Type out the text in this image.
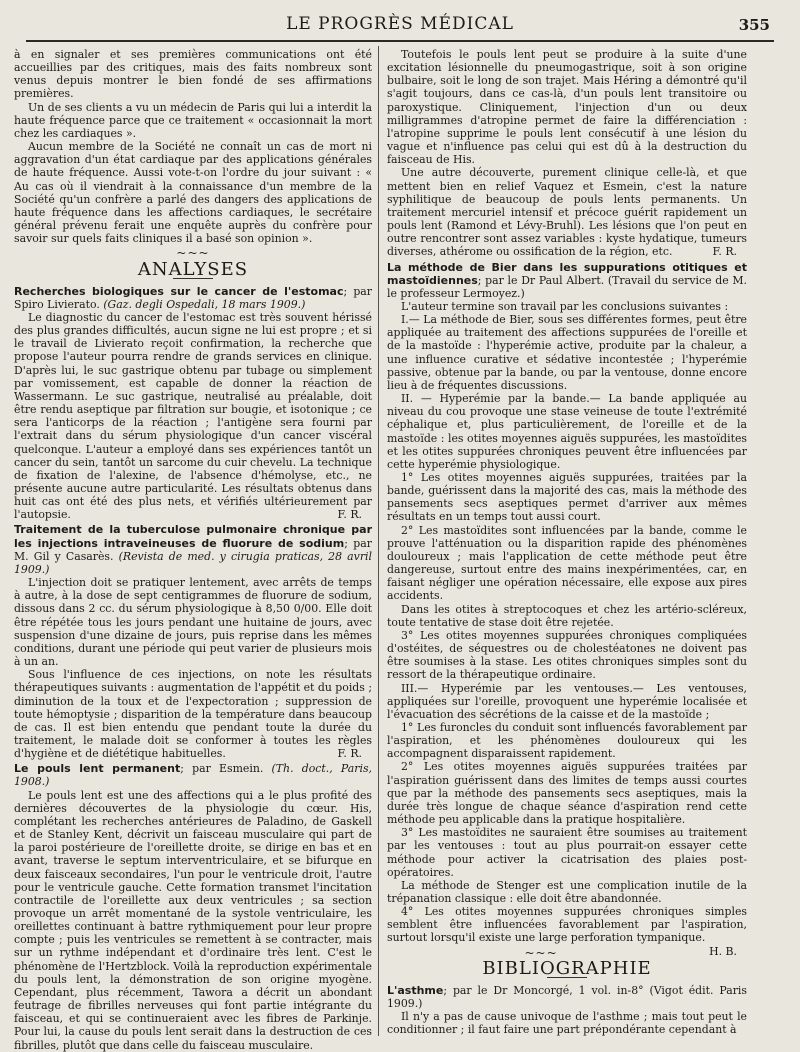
LE PROGRÈS MÉDICAL	355

à en signaler et ses premières communications ont été accueillies par des critiques, mais des faits nombreux sont venus depuis montrer le bien fondé de ses affirmations premières.

Un de ses clients a vu un médecin de Paris qui lui a interdit la haute fréquence parce que ce traitement « occasionnait la mort chez les cardiaques ».

Aucun membre de la Société ne connaît un cas de mort ni aggravation d'un état cardiaque par des applications générales de haute fréquence. Aussi vote-t-on l'ordre du jour suivant : « Au cas où il viendrait à la connaissance d'un membre de la Société qu'un confrère a parlé des dangers des applications de haute fréquence dans les affections cardiaques, le secrétaire général prévenu ferait une enquête auprès du confrère pour savoir sur quels faits cliniques il a basé son opinion ».

~~~
ANALYSES

Recherches biologiques sur le cancer de l'estomac; par Spiro Livierato. (Gaz. degli Ospedali, 18 mars 1909.)

Le diagnostic du cancer de l'estomac est très souvent hérissé des plus grandes difficultés, aucun signe ne lui est propre ; et si le travail de Livierato reçoit confirmation, la recherche que propose l'auteur pourra rendre de grands services en clinique. D'après lui, le suc gastrique obtenu par tubage ou simplement par vomissement, est capable de donner la réaction de Wassermann. Le suc gastrique, neutralisé au préalable, doit être rendu aseptique par filtration sur bougie, et isotonique ; ce sera l'anticorps de la réaction ; l'antigène sera fourni par l'extrait dans du sérum physiologique d'un cancer viscéral quelconque. L'auteur a employé dans ses expériences tantôt un cancer du sein, tantôt un sarcome du cuir chevelu. La technique de fixation de l'alexine, de l'absence d'hémolyse, etc., ne présente aucune autre particularité. Les résultats obtenus dans huit cas ont été des plus nets, et vérifiés ultérieurement par l'autopsie.	F. R.

Traitement de la tuberculose pulmonaire chronique par les injections intraveineuses de fluorure de sodium; par M. Gil y Casarès. (Revista de med. y cirugia praticas, 28 avril 1909.)

L'injection doit se pratiquer lentement, avec arrêts de temps à autre, à la dose de sept centigrammes de fluorure de sodium, dissous dans 2 cc. du sérum physiologique à 8,50 0/00. Elle doit être répétée tous les jours pendant une huitaine de jours, avec suspension d'une dizaine de jours, puis reprise dans les mêmes conditions, durant une période qui peut varier de plusieurs mois à un an.

Sous l'influence de ces injections, on note les résultats thérapeutiques suivants : augmentation de l'appétit et du poids ; diminution de la toux et de l'expectoration ; suppression de toute hémoptysie ; disparition de la température dans beaucoup de cas. Il est bien entendu que pendant toute la durée du traitement, le malade doit se conformer à toutes les règles d'hygiène et de diététique habituelles.	F. R.

Le pouls lent permanent; par Esmein. (Th. doct., Paris, 1908.)

Le pouls lent est une des affections qui a le plus profité des dernières découvertes de la physiologie du cœur. His, complétant les recherches antérieures de Paladino, de Gaskell et de Stanley Kent, décrivit un faisceau musculaire qui part de la paroi postérieure de l'oreillette droite, se dirige en bas et en avant, traverse le septum interventriculaire, et se bifurque en deux faisceaux secondaires, l'un pour le ventricule droit, l'autre pour le ventricule gauche. Cette formation transmet l'incitation contractile de l'oreillette aux deux ventricules ; sa section provoque un arrêt momentané de la systole ventriculaire, les oreillettes continuant à battre rythmiquement pour leur propre compte ; puis les ventricules se remettent à se contracter, mais sur un rythme indépendant et d'ordinaire très lent. C'est le phénomène de l'Hertzblock. Voilà la reproduction expérimentale du pouls lent, la démonstration de son origine myogène. Cependant, plus récemment, Tawora a décrit un abondant feutrage de fibrilles nerveuses qui font partie intégrante du faisceau, et qui se continueraient avec les fibres de Parkinje. Pour lui, la cause du pouls lent serait dans la destruction de ces fibrilles, plutôt que dans celle du faisceau musculaire.

Toutefois le pouls lent peut se produire à la suite d'une excitation lésionnelle du pneumogastrique, soit à son origine bulbaire, soit le long de son trajet. Mais Héring a démontré qu'il s'agit toujours, dans ce cas-là, d'un pouls lent transitoire ou paroxystique. Cliniquement, l'injection d'un ou deux milligrammes d'atropine permet de faire la différenciation : l'atropine supprime le pouls lent consécutif à une lésion du vague et n'influence pas celui qui est dû à la destruction du faisceau de His.

Une autre découverte, purement clinique celle-là, et que mettent bien en relief Vaquez et Esmein, c'est la nature syphilitique de beaucoup de pouls lents permanents. Un traitement mercuriel intensif et précoce guérit rapidement un pouls lent (Ramond et Lévy-Bruhl). Les lésions que l'on peut en outre rencontrer sont assez variables : kyste hydatique, tumeurs diverses, athérome ou ossification de la région, etc.	F. R.

La méthode de Bier dans les suppurations otitiques et mastoïdiennes; par le Dr Paul Albert. (Travail du service de M. le professeur Lermoyez.)

L'auteur termine son travail par les conclusions suivantes :

I.— La méthode de Bier, sous ses différentes formes, peut être appliquée au traitement des affections suppurées de l'oreille et de la mastoïde : l'hyperémie active, produite par la chaleur, a une influence curative et sédative incontestée ; l'hyperémie passive, obtenue par la bande, ou par la ventouse, donne encore lieu à de fréquentes discussions.

II. — Hyperémie par la bande.— La bande appliquée au niveau du cou provoque une stase veineuse de toute l'extrémité céphalique et, plus particulièrement, de l'oreille et de la mastoïde : les otites moyennes aiguës suppurées, les mastoïdites et les otites suppurées chroniques peuvent être influencées par cette hyperémie physiologique.

1° Les otites moyennes aiguës suppurées, traitées par la bande, guérissent dans la majorité des cas, mais la méthode des pansements secs aseptiques permet d'arriver aux mêmes résultats en un temps tout aussi court.

2° Les mastoïdites sont influencées par la bande, comme le prouve l'atténuation ou la disparition rapide des phénomènes douloureux ; mais l'application de cette méthode peut être dangereuse, surtout entre des mains inexpérimentées, car, en faisant négliger une opération nécessaire, elle expose aux pires accidents.

Dans les otites à streptocoques et chez les artério-scléreux, toute tentative de stase doit être rejetée.

3° Les otites moyennes suppurées chroniques compliquées d'ostéites, de séquestres ou de cholestéatones ne doivent pas être soumises à la stase. Les otites chroniques simples sont du ressort de la thérapeutique ordinaire.

III.— Hyperémie par les ventouses.— Les ventouses, appliquées sur l'oreille, provoquent une hyperémie localisée et l'évacuation des sécrétions de la caisse et de la mastoïde ;

1° Les furoncles du conduit sont influencés favorablement par l'aspiration, et les phénomènes douloureux qui les accompagnent disparaissent rapidement.

2° Les otites moyennes aiguës suppurées traitées par l'aspiration guérissent dans des limites de temps aussi courtes que par la méthode des pansements secs aseptiques, mais la durée très longue de chaque séance d'aspiration rend cette méthode peu applicable dans la pratique hospitalière.

3° Les mastoïdites ne sauraient être soumises au traitement par les ventouses : tout au plus pourrait-on essayer cette méthode pour activer la cicatrisation des plaies post-opératoires.

La méthode de Stenger est une complication inutile de la trépanation classique : elle doit être abandonnée.

4° Les otites moyennes suppurées chroniques simples semblent être influencées favorablement par l'aspiration, surtout lorsqu'il existe une large perforation tympanique.
H. B.

~~~
BIBLIOGRAPHIE

L'asthme; par le Dr Moncorgé, 1 vol. in-8° (Vigot édit. Paris 1909.)

Il n'y a pas de cause univoque de l'asthme ; mais tout peut le conditionner ; il faut faire une part prépondérante cependant à
